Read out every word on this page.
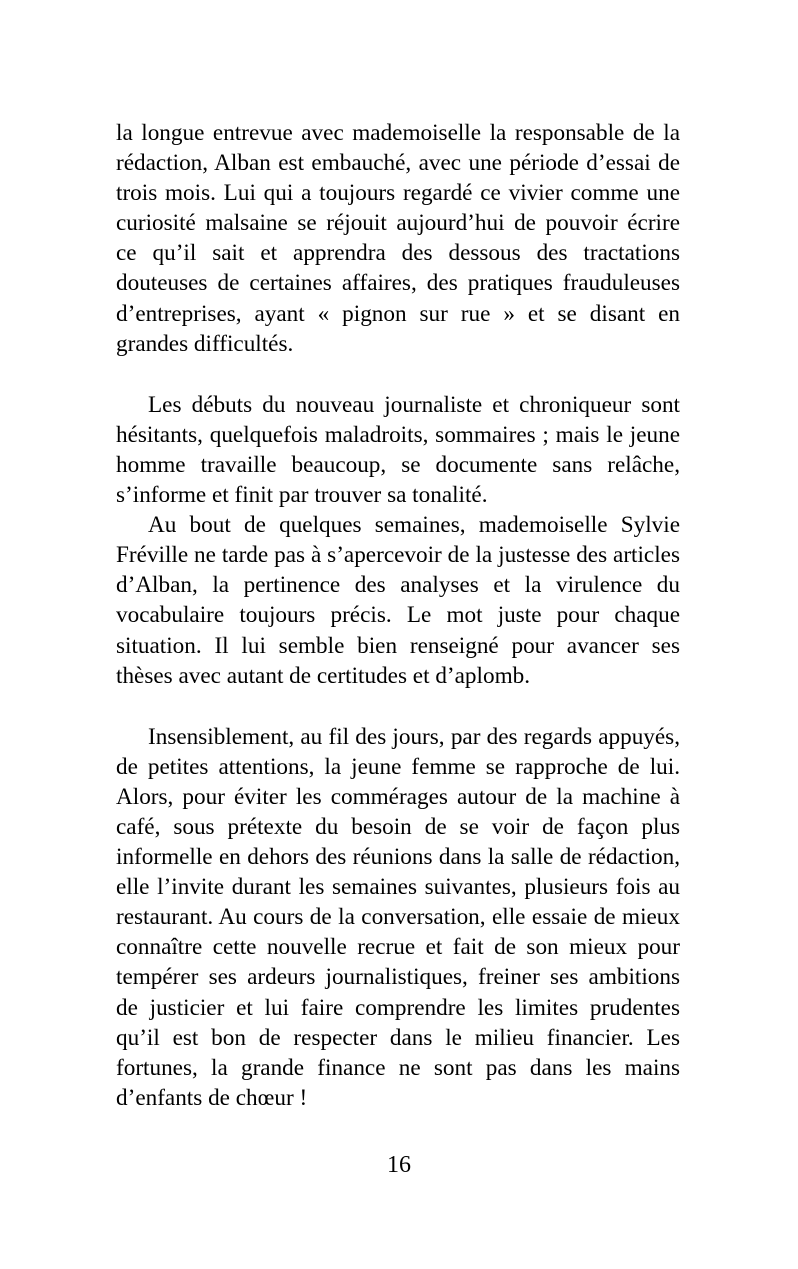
la longue entrevue avec mademoiselle la responsable de la rédaction, Alban est embauché, avec une période d’essai de trois mois. Lui qui a toujours regardé ce vivier comme une curiosité malsaine se réjouit aujourd’hui de pouvoir écrire ce qu’il sait et apprendra des dessous des tractations douteuses de certaines affaires, des pratiques frauduleuses d’entreprises, ayant « pignon sur rue » et se disant en grandes difficultés.

Les débuts du nouveau journaliste et chroniqueur sont hésitants, quelquefois maladroits, sommaires ; mais le jeune homme travaille beaucoup, se documente sans relâche, s’informe et finit par trouver sa tonalité.

Au bout de quelques semaines, mademoiselle Sylvie Fréville ne tarde pas à s’apercevoir de la justesse des articles d’Alban, la pertinence des analyses et la virulence du vocabulaire toujours précis. Le mot juste pour chaque situation. Il lui semble bien renseigné pour avancer ses thèses avec autant de certitudes et d’aplomb.

Insensiblement, au fil des jours, par des regards appuyés, de petites attentions, la jeune femme se rapproche de lui. Alors, pour éviter les commérages autour de la machine à café, sous prétexte du besoin de se voir de façon plus informelle en dehors des réunions dans la salle de rédaction, elle l’invite durant les semaines suivantes, plusieurs fois au restaurant. Au cours de la conversation, elle essaie de mieux connaître cette nouvelle recrue et fait de son mieux pour tempérer ses ardeurs journalistiques, freiner ses ambitions de justicier et lui faire comprendre les limites prudentes qu’il est bon de respecter dans le milieu financier. Les fortunes, la grande finance ne sont pas dans les mains d’enfants de chœur !

16
